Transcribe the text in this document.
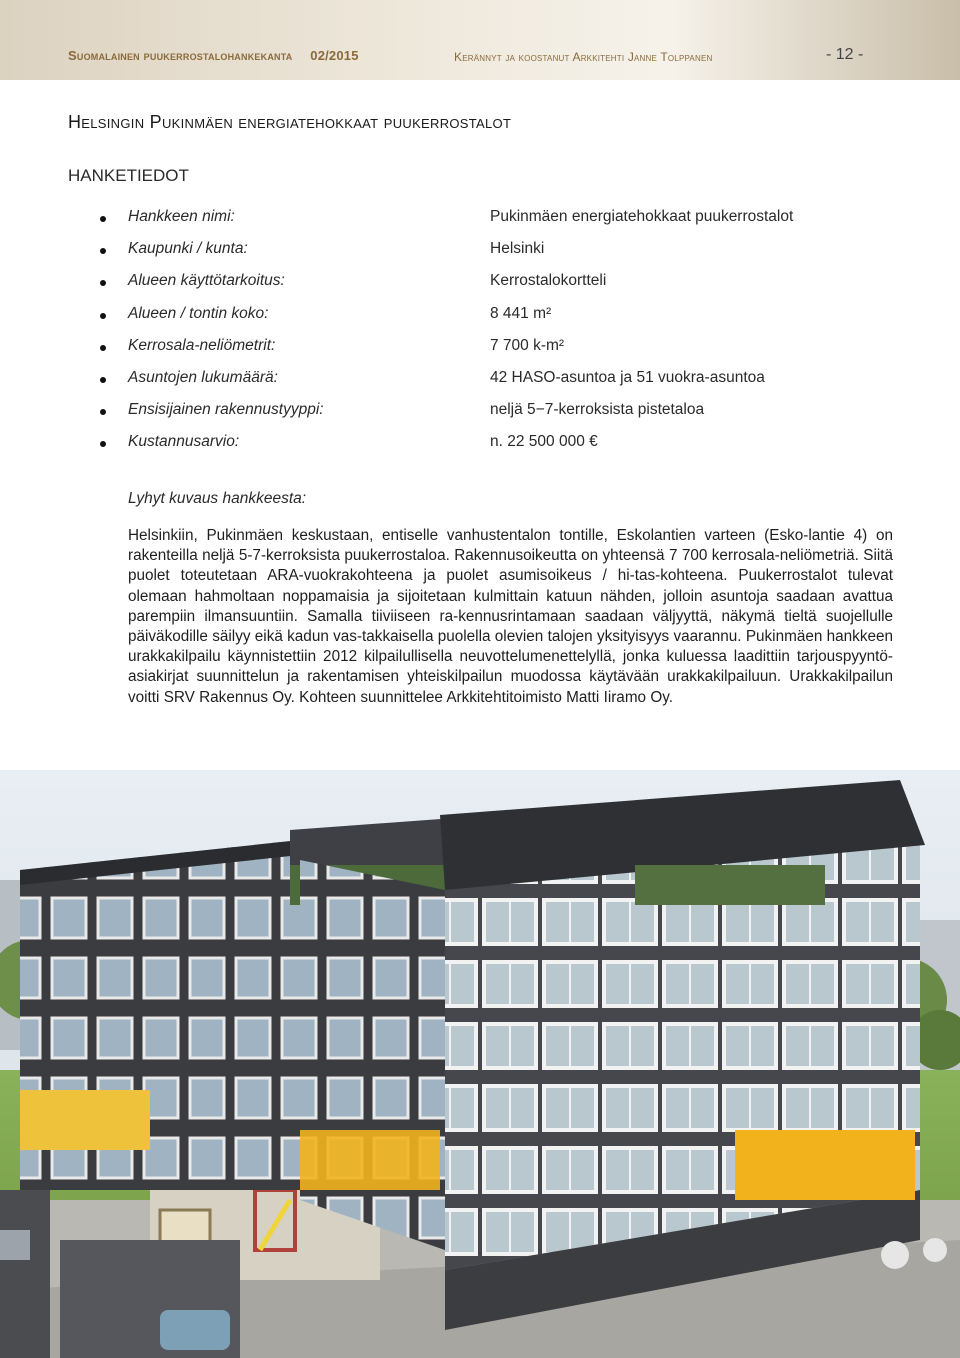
Suomalainen puukerrostalohankekanta 02/2015	Kerännyt ja koostanut Arkkitehti Janne Tolppanen	- 12 -
Helsingin Pukinmäen energiatehokkaat puukerrostalot
HANKETIEDOT
Hankkeen nimi:	Pukinmäen energiatehokkaat puukerrostalot
Kaupunki / kunta:	Helsinki
Alueen käyttötarkoitus:	Kerrostalokortteli
Alueen / tontin koko:	8 441 m²
Kerrosala-neliömetrit:	7 700 k-m²
Asuntojen lukumäärä:	42 HASO-asuntoa ja 51 vuokra-asuntoa
Ensisijainen rakennustyyppi:	neljä 5−7-kerroksista pistetaloa
Kustannusarvio:	n. 22 500 000 €
Lyhyt kuvaus hankkeesta:

Helsinkiin, Pukinmäen keskustaan, entiselle vanhustentalon tontille, Eskolantien varteen (Esko-lantie 4) on rakenteilla neljä 5-7-kerroksista puukerrostaloa. Rakennusoikeutta on yhteensä 7 700 kerrosala-neliömetriä. Siitä puolet toteutetaan ARA-vuokrakohteena ja puolet asumisoikeus / hi-tas-kohteena. Puukerrostalot tulevat olemaan hahmoltaan noppamaisia ja sijoitetaan kulmittain katuun nähden, jolloin asuntoja saadaan avattua parempiin ilmansuuntiin. Samalla tiiviiseen ra-kennusrintamaan saadaan väljyyttä, näkymä tieltä suojellulle päiväkodille säilyy eikä kadun vas-takkaisella puolella olevien talojen yksityisyys vaarannu. Pukinmäen hankkeen urakkakilpailu käynnistettiin 2012 kilpailullisella neuvottelumenettelyllä, jonka kuluessa laadittiin tarjouspyyntö-asiakirjat suunnittelun ja rakentamisen yhteiskilpailun muodossa käytävään urakkakilpailuun. Urakkakilpailun voitti SRV Rakennus Oy. Kohteen suunnittelee Arkkitehtitoimisto Matti Iiramo Oy.
